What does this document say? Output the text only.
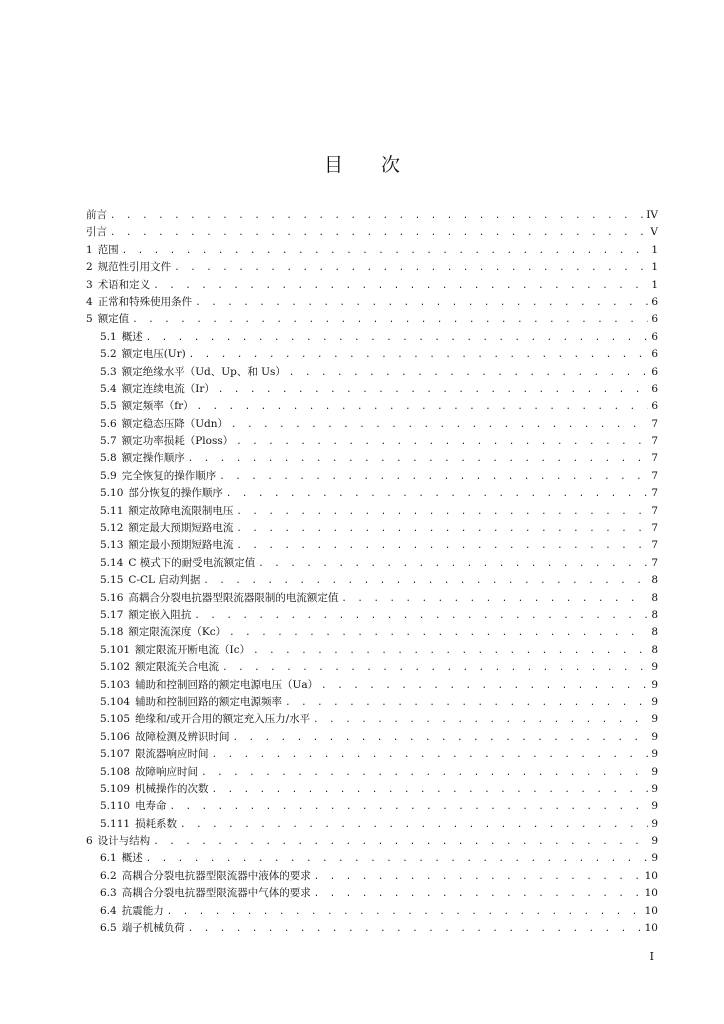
目　　次
前言 . . .	IV
引言 . . .	V
1 范围 . . .	1
2 规范性引用文件 . . .	1
3 术语和定义 . . .	1
4 正常和特殊使用条件 . . .	6
5 额定值 . . .	6
5.1 概述 . . .	6
5.2 额定电压(Ur) . . .	6
5.3 额定绝缘水平（Ud、Up、和 Us） . . .	6
5.4 额定连续电流（Ir） . . .	6
5.5 额定频率（fr） . . .	6
5.6 额定稳态压降（Udn） . . .	7
5.7 额定功率损耗（Ploss） . . .	7
5.8 额定操作顺序 . . .	7
5.9 完全恢复的操作顺序 . . .	7
5.10 部分恢复的操作顺序 . . .	7
5.11 额定故障电流限制电压 . . .	7
5.12 额定最大预期短路电流 . . .	7
5.13 额定最小预期短路电流 . . .	7
5.14 C 模式下的耐受电流额定值 . . .	7
5.15 C-CL 启动判据 . . .	8
5.16 高耦合分裂电抗器型限流器限制的电流额定值 . . .	8
5.17 额定嵌入阻抗 . . .	8
5.18 额定限流深度（Kc） . . .	8
5.101 额定限流开断电流（Ic） . . .	8
5.102 额定限流关合电流 . . .	9
5.103 辅助和控制回路的额定电源电压（Ua） . . .	9
5.104 辅助和控制回路的额定电源频率 . . .	9
5.105 绝缘和/或开合用的额定充入压力/水平 . . .	9
5.106 故障检测及辨识时间 . . .	9
5.107 限流器响应时间 . . .	9
5.108 故障响应时间 . . .	9
5.109 机械操作的次数 . . .	9
5.110 电寿命 . . .	9
5.111 损耗系数 . . .	9
6 设计与结构 . . .	9
6.1 概述 . . .	9
6.2 高耦合分裂电抗器型限流器中液体的要求 . . .	10
6.3 高耦合分裂电抗器型限流器中气体的要求 . . .	10
6.4 抗震能力 . . .	10
6.5 端子机械负荷 . . .	10
I
